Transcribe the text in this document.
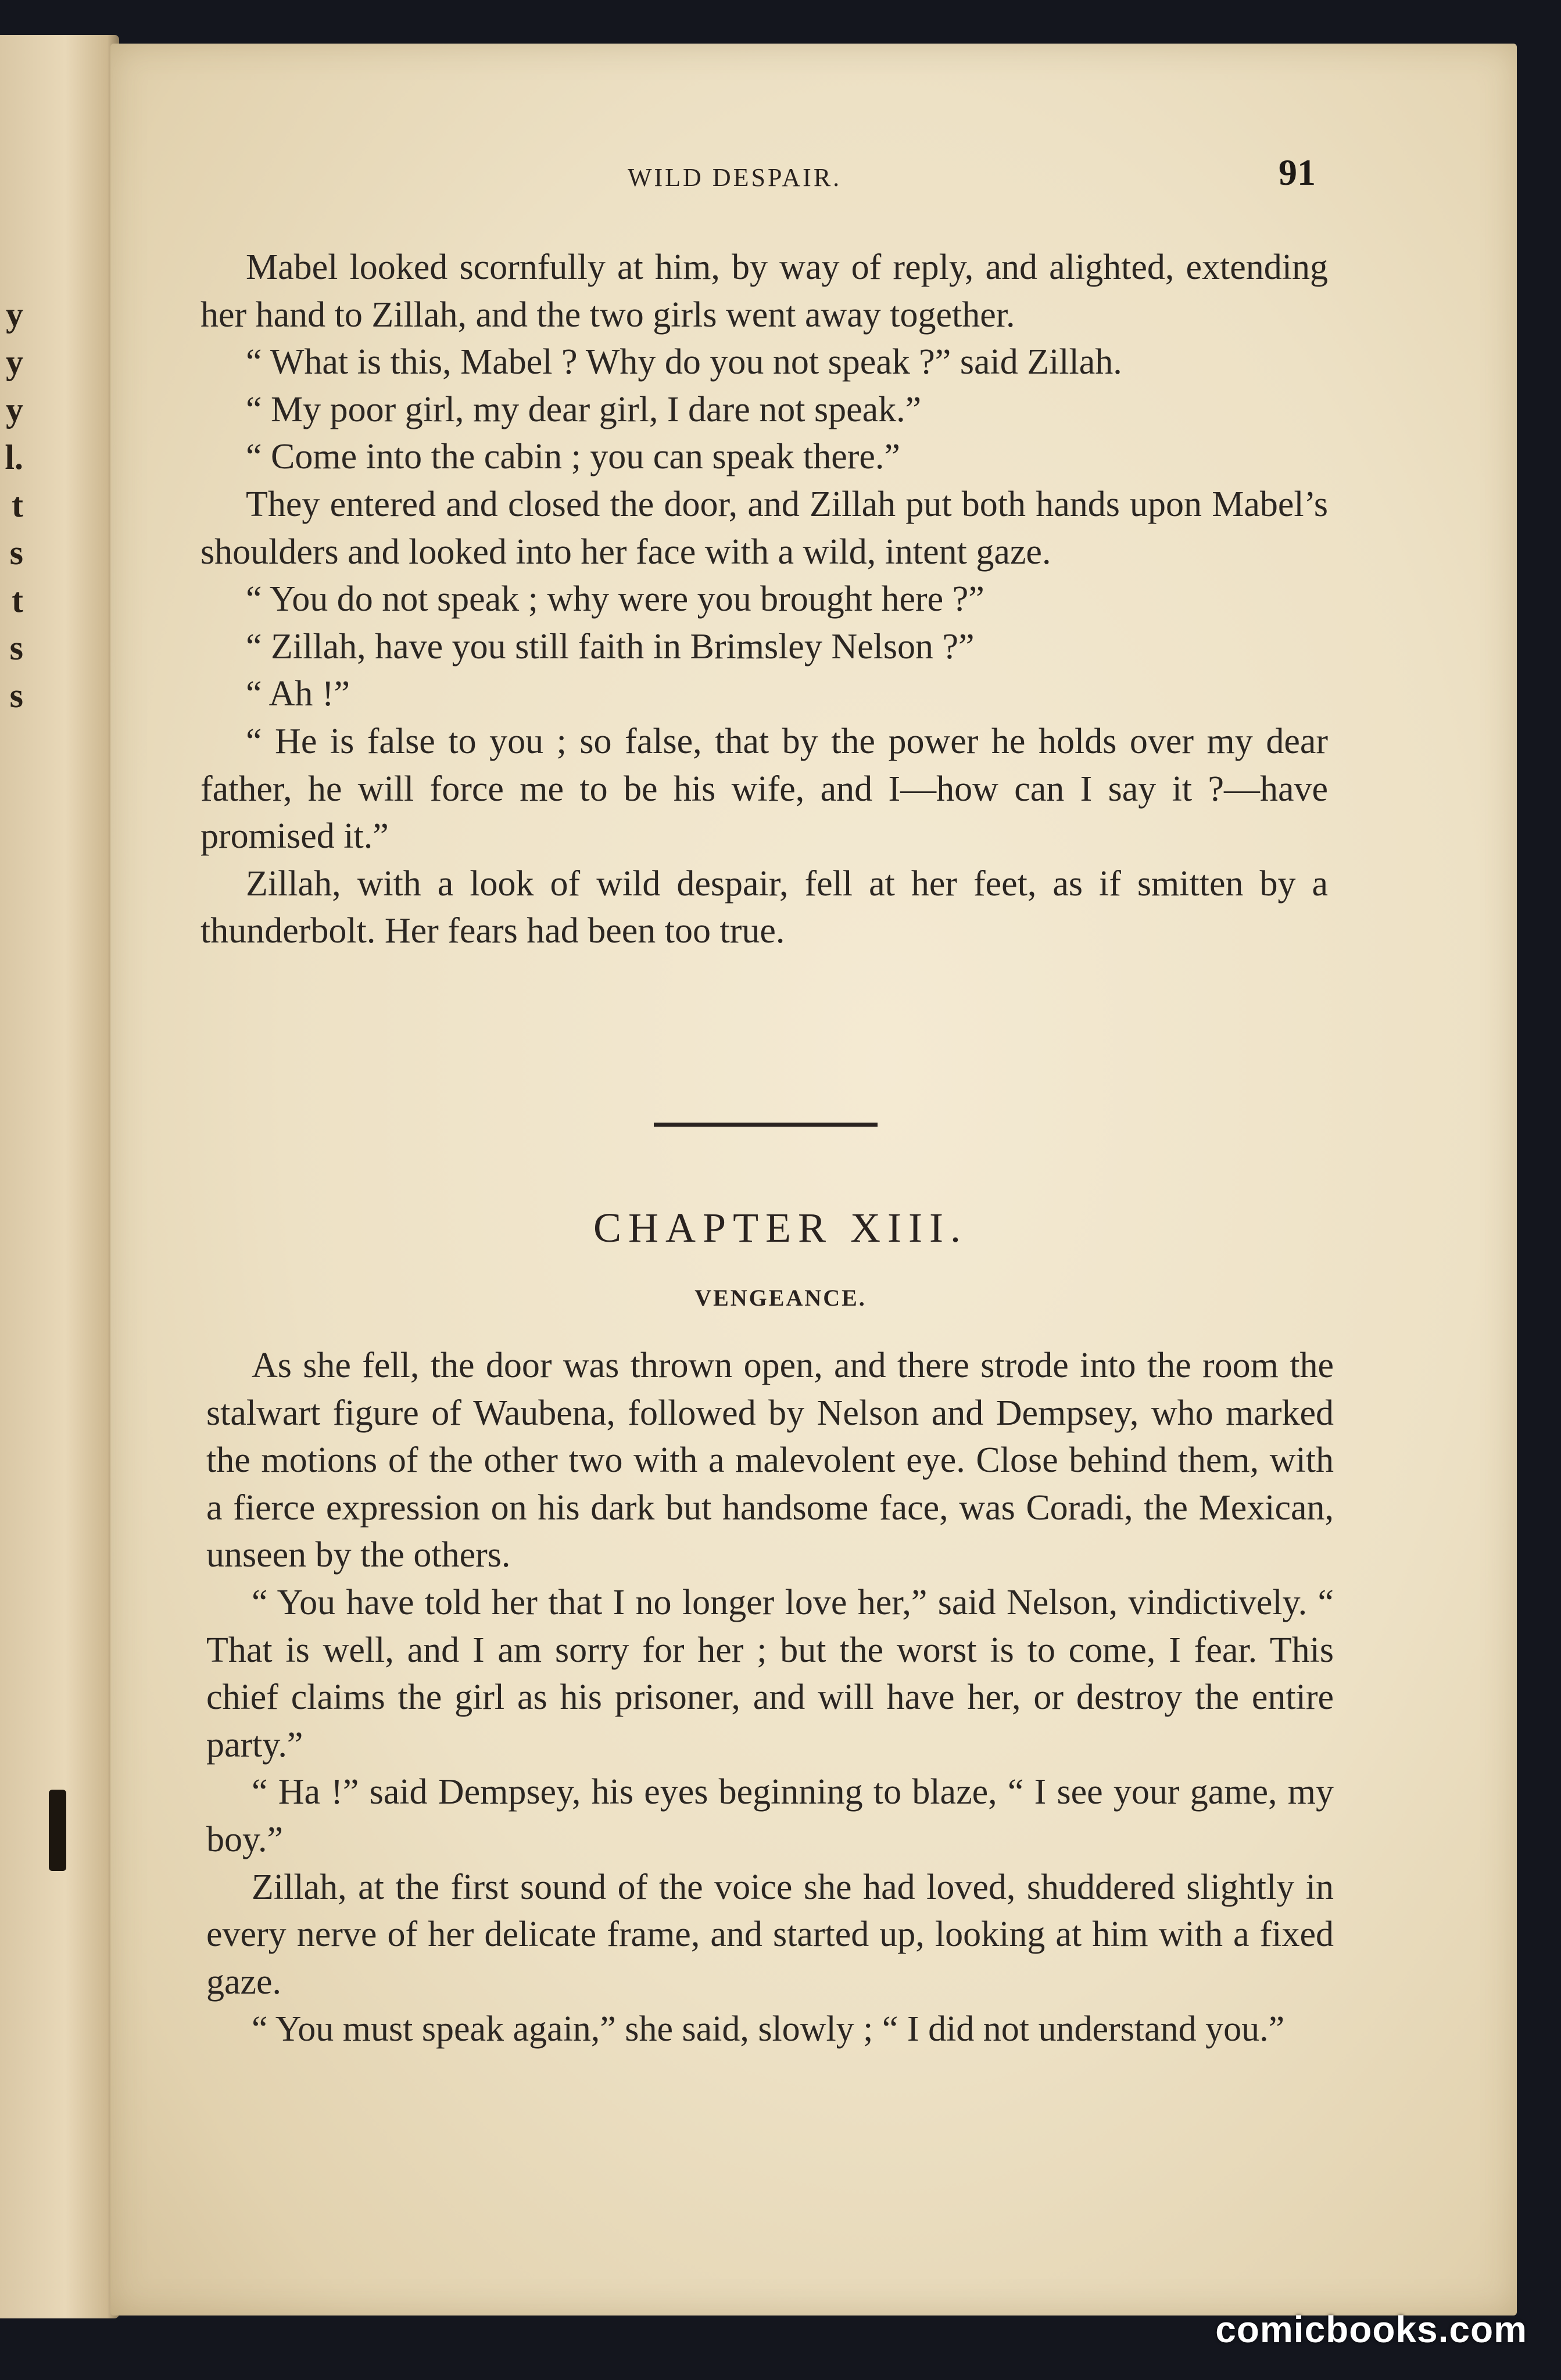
y
y
y
l.
t
s
t
s
s
WILD DESPAIR.	91

Mabel looked scornfully at him, by way of reply, and alighted, extending her hand to Zillah, and the two girls went away together.

“ What is this, Mabel ? Why do you not speak ?” said Zillah.

“ My poor girl, my dear girl, I dare not speak.”

“ Come into the cabin ; you can speak there.”

They entered and closed the door, and Zillah put both hands upon Mabel’s shoulders and looked into her face with a wild, intent gaze.

“ You do not speak ; why were you brought here ?”

“ Zillah, have you still faith in Brimsley Nelson ?”

“ Ah !”

“ He is false to you ; so false, that by the power he holds over my dear father, he will force me to be his wife, and I—how can I say it ?—have promised it.”

Zillah, with a look of wild despair, fell at her feet, as if smitten by a thunderbolt. Her fears had been too true.

CHAPTER XIII.
VENGEANCE.

As she fell, the door was thrown open, and there strode into the room the stalwart figure of Waubena, followed by Nelson and Dempsey, who marked the motions of the other two with a malevolent eye. Close behind them, with a fierce expression on his dark but handsome face, was Coradi, the Mexican, unseen by the others.

“ You have told her that I no longer love her,” said Nelson, vindictively. “ That is well, and I am sorry for her ; but the worst is to come, I fear. This chief claims the girl as his prisoner, and will have her, or destroy the entire party.”

“ Ha !” said Dempsey, his eyes beginning to blaze, “ I see your game, my boy.”

Zillah, at the first sound of the voice she had loved, shuddered slightly in every nerve of her delicate frame, and started up, looking at him with a fixed gaze.

“ You must speak again,” she said, slowly ; “ I did not understand you.”

comicbooks.com
